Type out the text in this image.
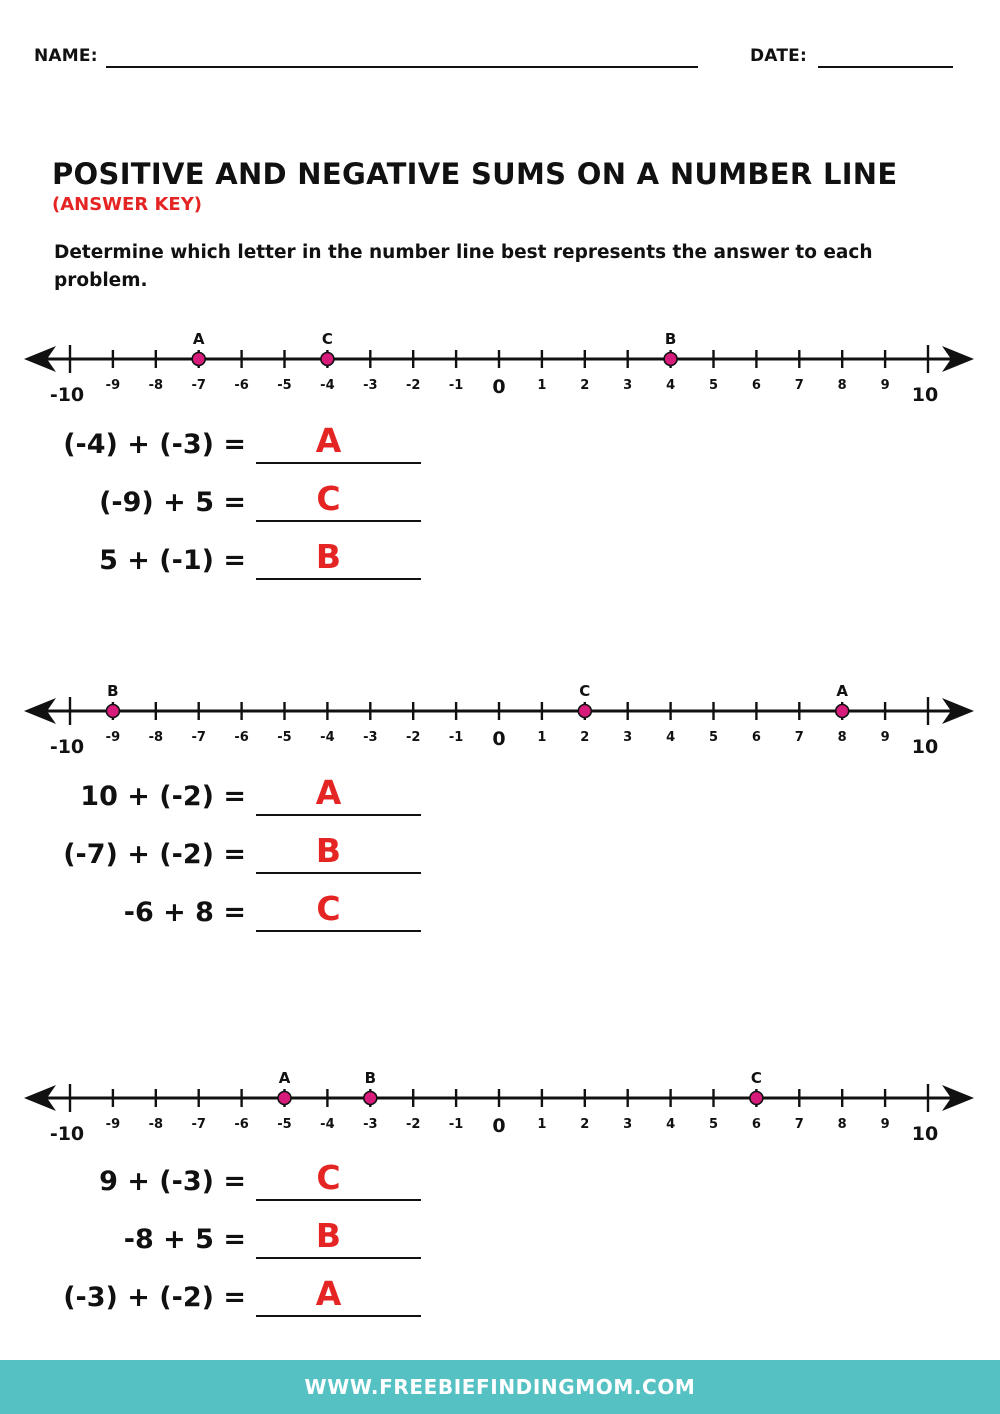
NAME:	DATE:
POSITIVE AND NEGATIVE SUMS ON A NUMBER LINE
(ANSWER KEY)
Determine which letter in the number line best represents the answer to each problem.
-10 -9 -8 -7 -6 -5 -4 -3 -2 -1 0 1	2	3	4	5	6	7	8	9 10
A	C	B
(-4) + (-3) =	A
(-9) + 5 =	C
5 + (-1) =	B
-10 -9 -8 -7 -6 -5 -4 -3 -2 -1 0 1	2	3	4	5	6	7	8	9 10
B	C	A
10 + (-2) =	A
(-7) + (-2) =	B
-6 + 8 =	C
-10 -9 -8 -7 -6 -5 -4 -3 -2 -1 0 1	2	3	4	5	6	7	8	9 10
A	B	C
9 + (-3) =	C
-8 + 5 =	B
(-3) + (-2) =	A
WWW.FREEBIEFINDINGMOM.COM
